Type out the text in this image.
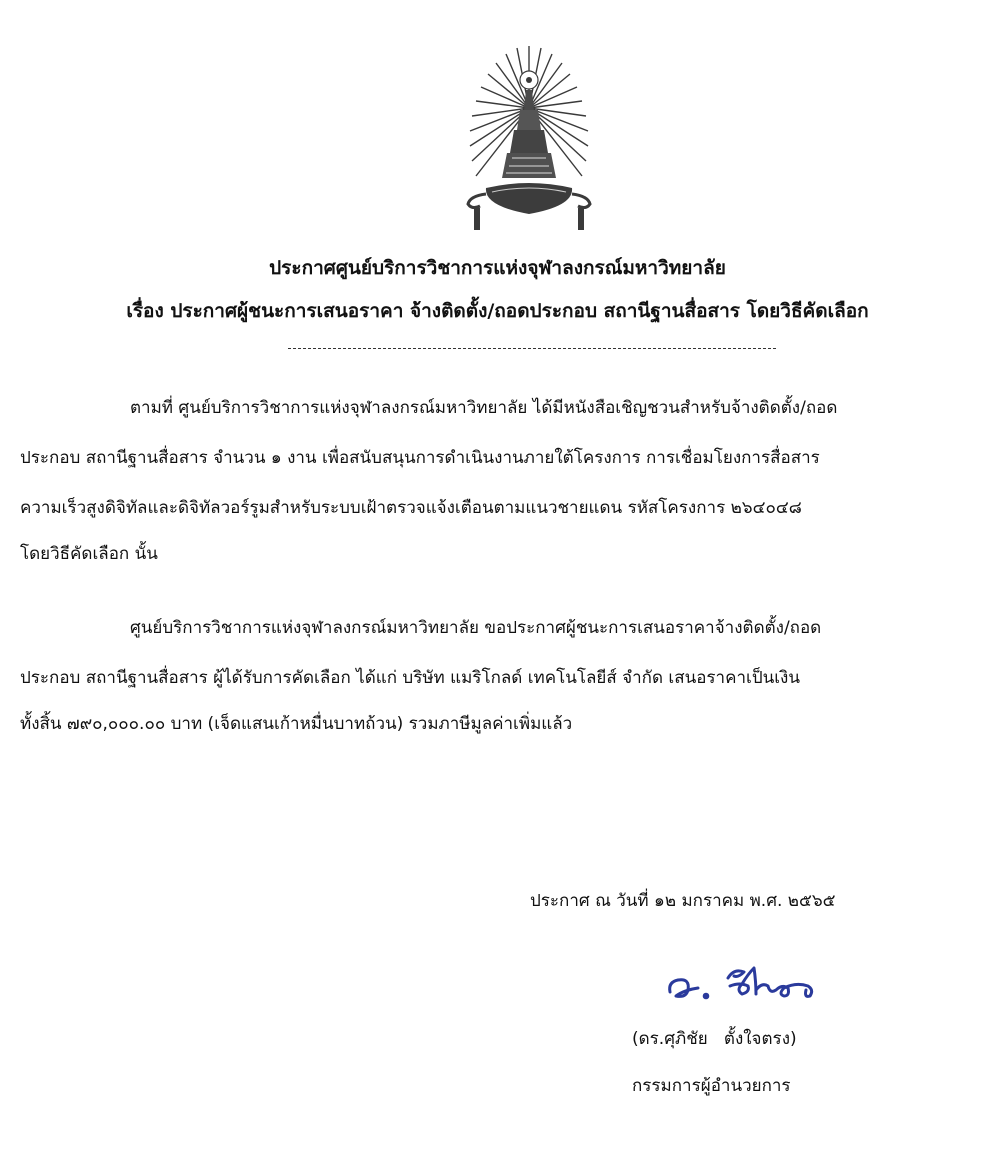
ประกาศศูนย์บริการวิชาการแห่งจุฬาลงกรณ์มหาวิทยาลัย
เรื่อง ประกาศผู้ชนะการเสนอราคา จ้างติดตั้ง/ถอดประกอบ สถานีฐานสื่อสาร โดยวิธีคัดเลือก
ตามที่ ศูนย์บริการวิชาการแห่งจุฬาลงกรณ์มหาวิทยาลัย ได้มีหนังสือเชิญชวนสำหรับจ้างติดตั้ง/ถอด
ประกอบ สถานีฐานสื่อสาร จำนวน ๑ งาน เพื่อสนับสนุนการดำเนินงานภายใต้โครงการ การเชื่อมโยงการสื่อสาร
ความเร็วสูงดิจิทัลและดิจิทัลวอร์รูมสำหรับระบบเฝ้าตรวจแจ้งเตือนตามแนวชายแดน รหัสโครงการ ๒๖๔๐๔๘
โดยวิธีคัดเลือก นั้น
ศูนย์บริการวิชาการแห่งจุฬาลงกรณ์มหาวิทยาลัย ขอประกาศผู้ชนะการเสนอราคาจ้างติดตั้ง/ถอด
ประกอบ สถานีฐานสื่อสาร ผู้ได้รับการคัดเลือก ได้แก่ บริษัท แมริโกลด์ เทคโนโลยีส์ จำกัด เสนอราคาเป็นเงิน
ทั้งสิ้น ๗๙๐,๐๐๐.๐๐ บาท (เจ็ดแสนเก้าหมื่นบาทถ้วน) รวมภาษีมูลค่าเพิ่มแล้ว
ประกาศ ณ วันที่ ๑๒ มกราคม พ.ศ. ๒๕๖๕
(ดร.ศุภิชัย   ตั้งใจตรง)
กรรมการผู้อำนวยการ
